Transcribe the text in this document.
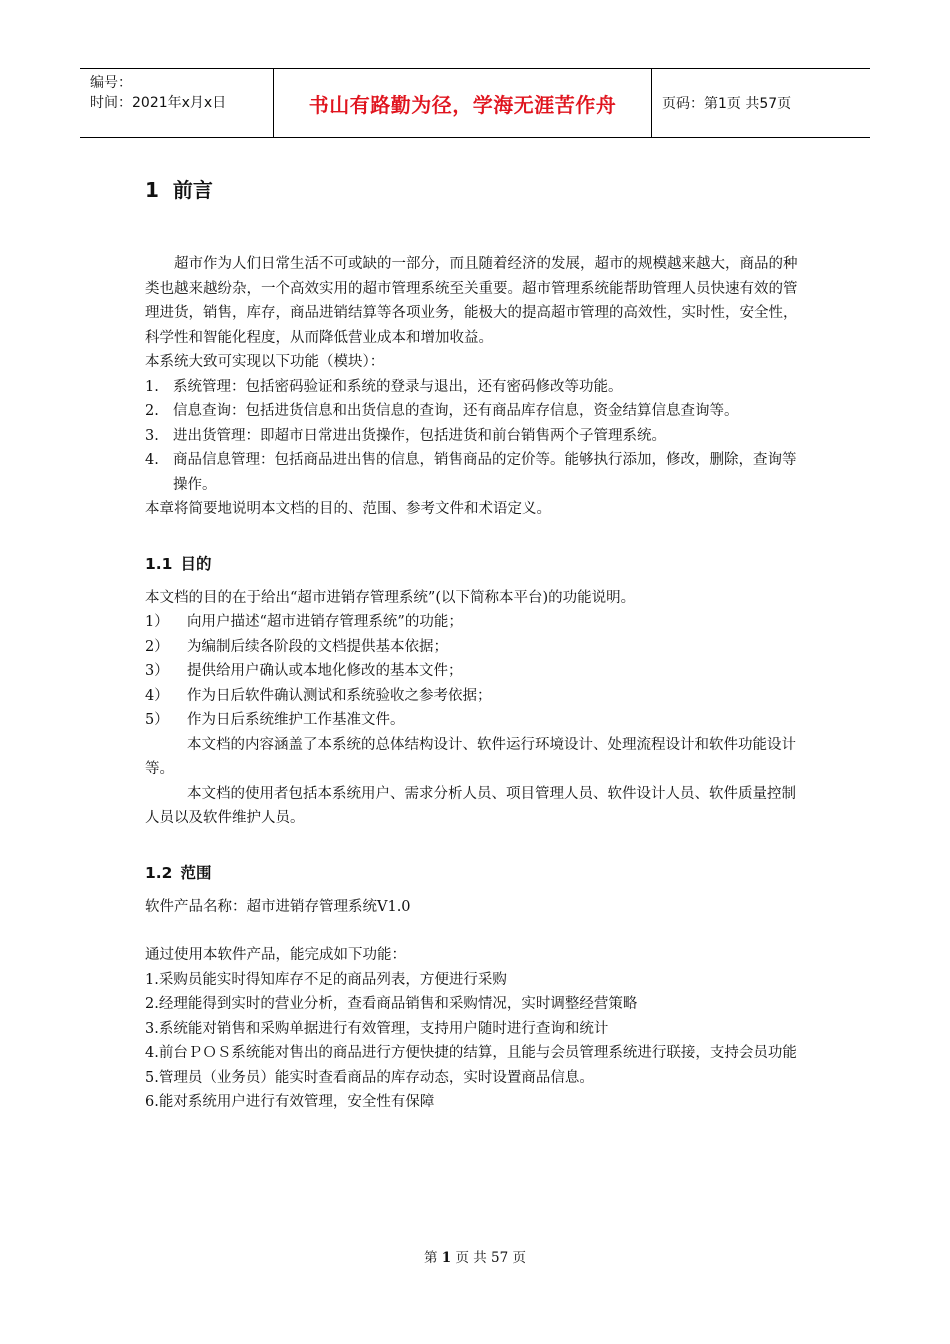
编号：
时间：2021年x月x日	书山有路勤为径，学海无涯苦作舟	页码：第1页 共57页
1 前言

超市作为人们日常生活不可或缺的一部分，而且随着经济的发展，超市的规模越来越大，商品的种类也越来越纷杂，一个高效实用的超市管理系统至关重要。超市管理系统能帮助管理人员快速有效的管理进货，销售，库存，商品进销结算等各项业务，能极大的提高超市管理的高效性，实时性，安全性，科学性和智能化程度，从而降低营业成本和增加收益。

本系统大致可实现以下功能（模块）：

1. 系统管理：包括密码验证和系统的登录与退出，还有密码修改等功能。
2. 信息查询：包括进货信息和出货信息的查询，还有商品库存信息，资金结算信息查询等。
3. 进出货管理：即超市日常进出货操作，包括进货和前台销售两个子管理系统。
4. 商品信息管理：包括商品进出售的信息，销售商品的定价等。能够执行添加，修改，删除，查询等操作。

本章将简要地说明本文档的目的、范围、参考文件和术语定义。

1.1 目的

本文档的目的在于给出“超市进销存管理系统”(以下简称本平台)的功能说明。

1） 向用户描述“超市进销存管理系统”的功能；
2） 为编制后续各阶段的文档提供基本依据；
3） 提供给用户确认或本地化修改的基本文件；
4） 作为日后软件确认测试和系统验收之参考依据；
5） 作为日后系统维护工作基准文件。

本文档的内容涵盖了本系统的总体结构设计、软件运行环境设计、处理流程设计和软件功能设计等。

本文档的使用者包括本系统用户、需求分析人员、项目管理人员、软件设计人员、软件质量控制人员以及软件维护人员。

1.2 范围

软件产品名称：超市进销存管理系统V1.0

通过使用本软件产品，能完成如下功能：

1.采购员能实时得知库存不足的商品列表，方便进行采购
2.经理能得到实时的营业分析，查看商品销售和采购情况，实时调整经营策略
3.系统能对销售和采购单据进行有效管理，支持用户随时进行查询和统计
4.前台ＰＯＳ系统能对售出的商品进行方便快捷的结算，且能与会员管理系统进行联接，支持会员功能
5.管理员（业务员）能实时查看商品的库存动态，实时设置商品信息。
6.能对系统用户进行有效管理，安全性有保障
第 1 页 共 57 页
